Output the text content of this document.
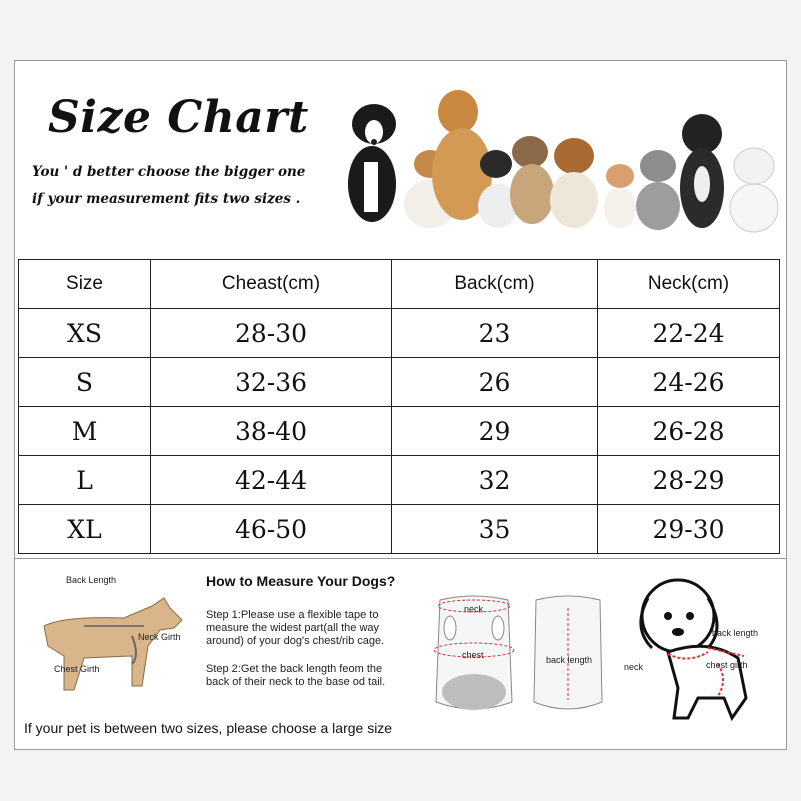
Size Chart

You ' d better choose the bigger one

if your measurement fits two sizes .

Size	Cheast(cm)	Back(cm)	Neck(cm)
XS	28-30	23	22-24
S	32-36	26	24-26
M	38-40	29	26-28
L	42-44	32	28-29
XL	46-50	35	29-30

Back Length

Neck Girth

Chest Girth

How to Measure Your Dogs?

Step 1:Please use a flexible tape to measure the widest part(all the way around) of your dog's chest/rib cage.

Step 2:Get the back length feom the back of their neck to the base od tail.

neck

chest	back length

back length

neck	chest girth

If your pet is between two sizes, please choose a large size
